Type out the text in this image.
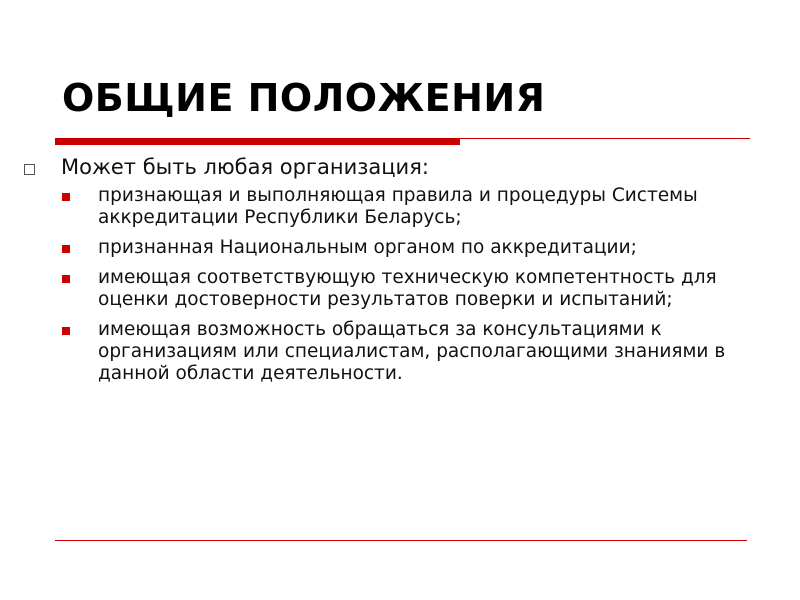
ОБЩИЕ ПОЛОЖЕНИЯ
Может быть любая организация:
признающая и выполняющая правила и процедуры Системы аккредитации Республики Беларусь;
признанная Национальным органом по аккредитации;
имеющая соответствующую техническую компетентность для оценки достоверности результатов поверки и испытаний;
имеющая возможность обращаться за консультациями к организациям или специалистам, располагающими знаниями в данной области деятельности.
